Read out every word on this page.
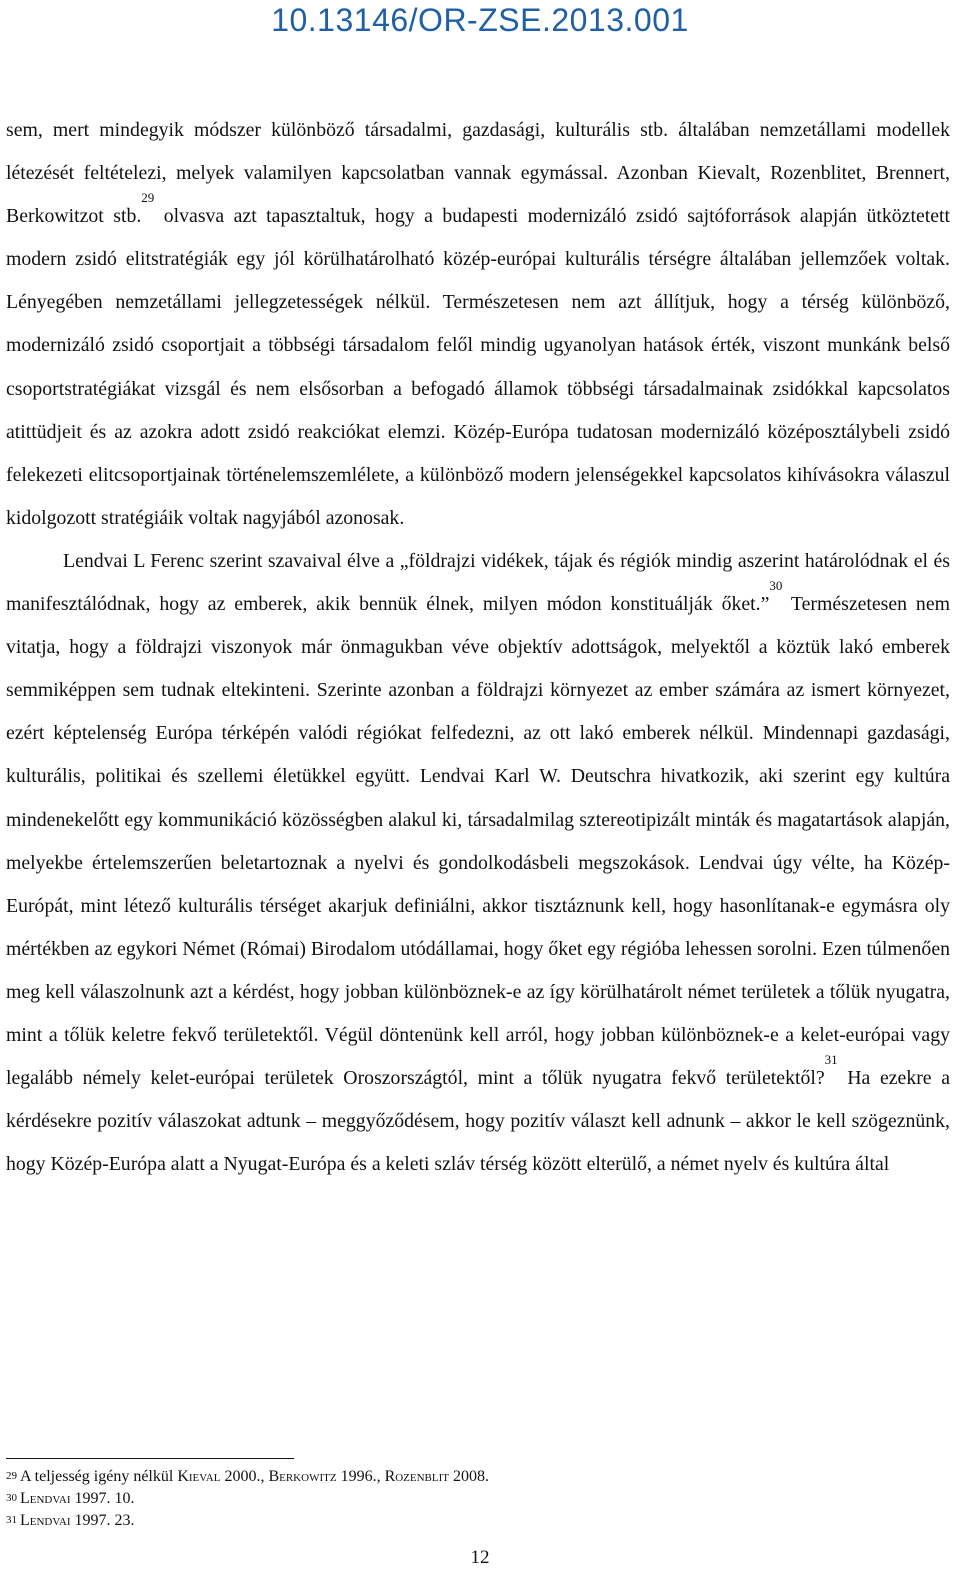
10.13146/OR-ZSE.2013.001

sem, mert mindegyik módszer különböző társadalmi, gazdasági, kulturális stb. általában nemzetállami modellek létezését feltételezi, melyek valamilyen kapcsolatban vannak egymással. Azonban Kievalt, Rozenblitet, Brennert, Berkowitzot stb.$^{29}$ olvasva azt tapasztaltuk, hogy a budapesti modernizáló zsidó sajtóforrások alapján ütköztetett modern zsidó elitstratégiák egy jól körülhatárolható közép-európai kulturális térségre általában jellemzőek voltak. Lényegében nemzetállami jellegzetességek nélkül. Természetesen nem azt állítjuk, hogy a térség különböző, modernizáló zsidó csoportjait a többségi társadalom felől mindig ugyanolyan hatások érték, viszont munkánk belső csoportstratégiákat vizsgál és nem elsősorban a befogadó államok többségi társadalmainak zsidókkal kapcsolatos atittüdjeit és az azokra adott zsidó reakciókat elemzi. Közép-Európa tudatosan modernizáló középosztálybeli zsidó felekezeti elitcsoportjainak történelemszemlélete, a különböző modern jelenségekkel kapcsolatos kihívásokra válaszul kidolgozott stratégiáik voltak nagyjából azonosak.

Lendvai L Ferenc szerint szavaival élve a „földrajzi vidékek, tájak és régiók mindig aszerint határolódnak el és manifesztálódnak, hogy az emberek, akik bennük élnek, milyen módon konstituálják őket.”$^{30}$ Természetesen nem vitatja, hogy a földrajzi viszonyok már önmagukban véve objektív adottságok, melyektől a köztük lakó emberek semmiképpen sem tudnak eltekinteni. Szerinte azonban a földrajzi környezet az ember számára az ismert környezet, ezért képtelenség Európa térképén valódi régiókat felfedezni, az ott lakó emberek nélkül. Mindennapi gazdasági, kulturális, politikai és szellemi életükkel együtt. Lendvai Karl W. Deutschra hivatkozik, aki szerint egy kultúra mindenekelőtt egy kommunikáció közösségben alakul ki, társadalmilag sztereotipizált minták és magatartások alapján, melyekbe értelemszerűen beletartoznak a nyelvi és gondolkodásbeli megszokások. Lendvai úgy vélte, ha Közép-Európát, mint létező kulturális térséget akarjuk definiálni, akkor tisztáznunk kell, hogy hasonlítanak-e egymásra oly mértékben az egykori Német (Római) Birodalom utódállamai, hogy őket egy régióba lehessen sorolni. Ezen túlmenően meg kell válaszolnunk azt a kérdést, hogy jobban különböznek-e az így körülhatárolt német területek a tőlük nyugatra, mint a tőlük keletre fekvő területektől. Végül döntenünk kell arról, hogy jobban különböznek-e a kelet-európai vagy legalább némely kelet-európai területek Oroszországtól, mint a tőlük nyugatra fekvő területektől?$^{31}$ Ha ezekre a kérdésekre pozitív válaszokat adtunk – meggyőződésem, hogy pozitív választ kell adnunk – akkor le kell szögeznünk, hogy Közép-Európa alatt a Nyugat-Európa és a keleti szláv térség között elterülő, a német nyelv és kultúra által

$^{29}$ A teljesség igény nélkül Kieval 2000., Berkowitz 1996., Rozenblit 2008.
$^{30}$ Lendvai 1997. 10.
$^{31}$ Lendvai 1997. 23.
12
